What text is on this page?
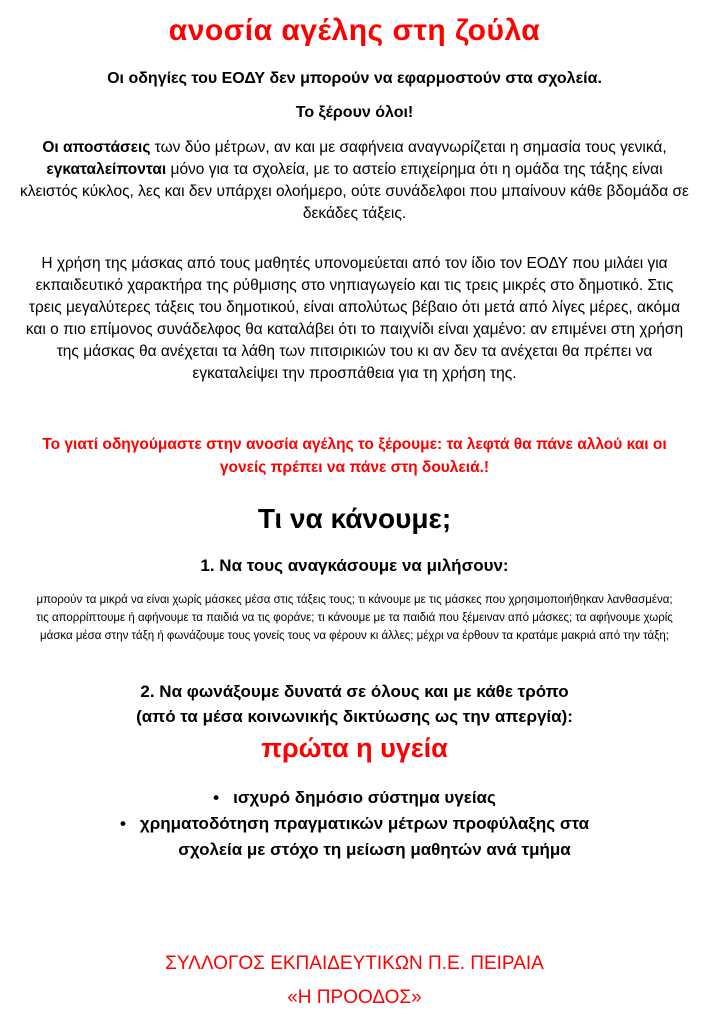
ανοσία αγέλης στη ζούλα

Οι οδηγίες του ΕΟΔΥ δεν μπορούν να εφαρμοστούν στα σχολεία.

Το ξέρουν όλοι!

Οι αποστάσεις των δύο μέτρων, αν και με σαφήνεια αναγνωρίζεται η σημασία τους γενικά, εγκαταλείπονται μόνο για τα σχολεία, με το αστείο επιχείρημα ότι η ομάδα της τάξης είναι κλειστός κύκλος, λες και δεν υπάρχει ολοήμερο, ούτε συνάδελφοι που μπαίνουν κάθε βδομάδα σε δεκάδες τάξεις.

Η χρήση της μάσκας από τους μαθητές υπονομεύεται από τον ίδιο τον ΕΟΔΥ που μιλάει για εκπαιδευτικό χαρακτήρα της ρύθμισης στο νηπιαγωγείο και τις τρεις μικρές στο δημοτικό. Στις τρεις μεγαλύτερες τάξεις του δημοτικού, είναι απολύτως βέβαιο ότι μετά από λίγες μέρες, ακόμα και ο πιο επίμονος συνάδελφος θα καταλάβει ότι το παιχνίδι είναι χαμένο: αν επιμένει στη χρήση της μάσκας θα ανέχεται τα λάθη των πιτσιρικιών του κι αν δεν τα ανέχεται θα πρέπει να εγκαταλείψει την προσπάθεια για τη χρήση της.

Το γιατί οδηγούμαστε στην ανοσία αγέλης το ξέρουμε: τα λεφτά θα πάνε αλλού και οι γονείς πρέπει να πάνε στη δουλειά.!

Τι να κάνουμε;
1. Να τους αναγκάσουμε να μιλήσουν:

μπορούν τα μικρά να είναι χωρίς μάσκες μέσα στις τάξεις τους; τι κάνουμε με τις μάσκες που χρησιμοποιήθηκαν λανθασμένα; τις απορρίπτουμε ή αφήνουμε τα παιδιά να τις φοράνε; τι κάνουμε με τα παιδιά που ξέμειναν από μάσκες; τα αφήνουμε χωρίς μάσκα μέσα στην τάξη ή φωνάζουμε τους γονείς τους να φέρουν κι άλλες; μέχρι να έρθουν τα κρατάμε μακριά από την τάξη;

2. Να φωνάξουμε δυνατά σε όλους και με κάθε τρόπο
(από τα μέσα κοινωνικής δικτύωσης ως την απεργία):
πρώτα η υγεία
• ισχυρό δημόσιο σύστημα υγείας
• χρηματοδότηση πραγματικών μέτρων προφύλαξης στα
σχολεία με στόχο τη μείωση μαθητών ανά τμήμα

ΣΥΛΛΟΓΟΣ ΕΚΠΑΙΔΕΥΤΙΚΩΝ Π.Ε. ΠΕΙΡΑΙΑ
«Η ΠΡΟΟΔΟΣ»
